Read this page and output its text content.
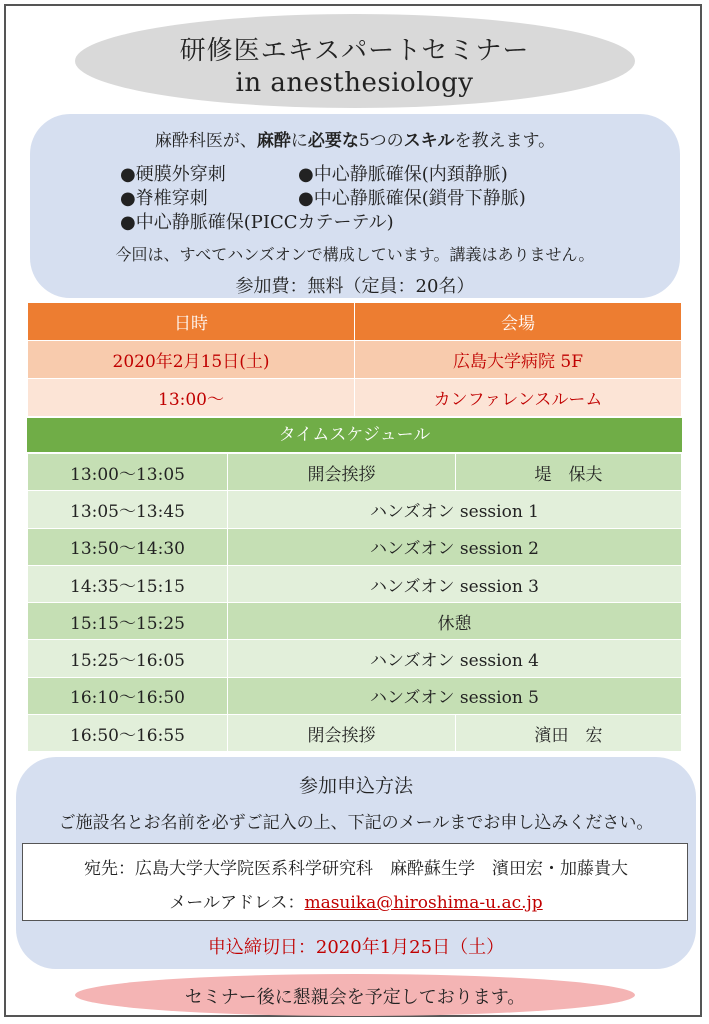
研修医エキスパートセミナー
in anesthesiology
麻酔科医が、麻酔に必要な5つのスキルを教えます。
●硬膜外穿刺	●中心静脈確保(内頚静脈)
●脊椎穿刺	●中心静脈確保(鎖骨下静脈)
●中心静脈確保(PICCカテーテル)
今回は、すべてハンズオンで構成しています。講義はありません。
参加費：無料（定員：20名）
日時	会場
2020年2月15日(土)	広島大学病院 5F
13:00〜	カンファレンスルーム
タイムスケジュール
13:00〜13:05	開会挨拶	堤　保夫
13:05〜13:45	ハンズオン session 1	
13:50〜14:30	ハンズオン session 2	
14:35〜15:15	ハンズオン session 3	
15:15〜15:25	休憩	
15:25〜16:05	ハンズオン session 4	
16:10〜16:50	ハンズオン session 5	
16:50〜16:55	閉会挨拶	濱田　宏
参加申込方法
ご施設名とお名前を必ずご記入の上、下記のメールまでお申し込みください。
宛先：広島大学大学院医系科学研究科　麻酔蘇生学　濱田宏・加藤貴大
メールアドレス：masuika@hiroshima-u.ac.jp
申込締切日：2020年1月25日（土）
セミナー後に懇親会を予定しております。
